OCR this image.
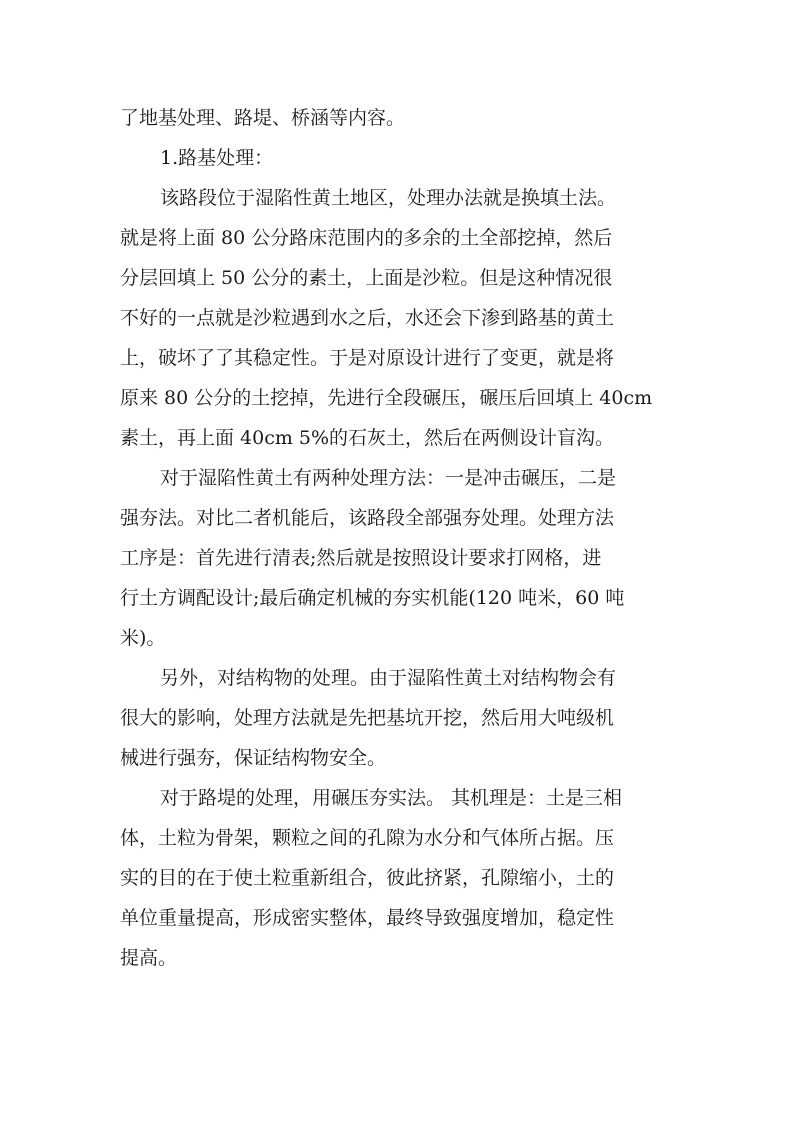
了地基处理、路堤、桥涵等内容。
1.路基处理：
该路段位于湿陷性黄土地区，处理办法就是换填土法。
就是将上面 80 公分路床范围内的多余的土全部挖掉，然后
分层回填上 50 公分的素土，上面是沙粒。但是这种情况很
不好的一点就是沙粒遇到水之后，水还会下渗到路基的黄土
上，破坏了了其稳定性。于是对原设计进行了变更，就是将
原来 80 公分的土挖掉，先进行全段碾压，碾压后回填上 40cm
素土，再上面 40cm 5%的石灰土，然后在两侧设计盲沟。
对于湿陷性黄土有两种处理方法：一是冲击碾压，二是
强夯法。对比二者机能后，该路段全部强夯处理。处理方法
工序是：首先进行清表;然后就是按照设计要求打网格，进
行土方调配设计;最后确定机械的夯实机能(120 吨米，60 吨
米)。
另外，对结构物的处理。由于湿陷性黄土对结构物会有
很大的影响，处理方法就是先把基坑开挖，然后用大吨级机
械进行强夯，保证结构物安全。
对于路堤的处理，用碾压夯实法。 其机理是：土是三相
体，土粒为骨架，颗粒之间的孔隙为水分和气体所占据。压
实的目的在于使土粒重新组合，彼此挤紧，孔隙缩小，土的
单位重量提高，形成密实整体，最终导致强度增加，稳定性
提高。
